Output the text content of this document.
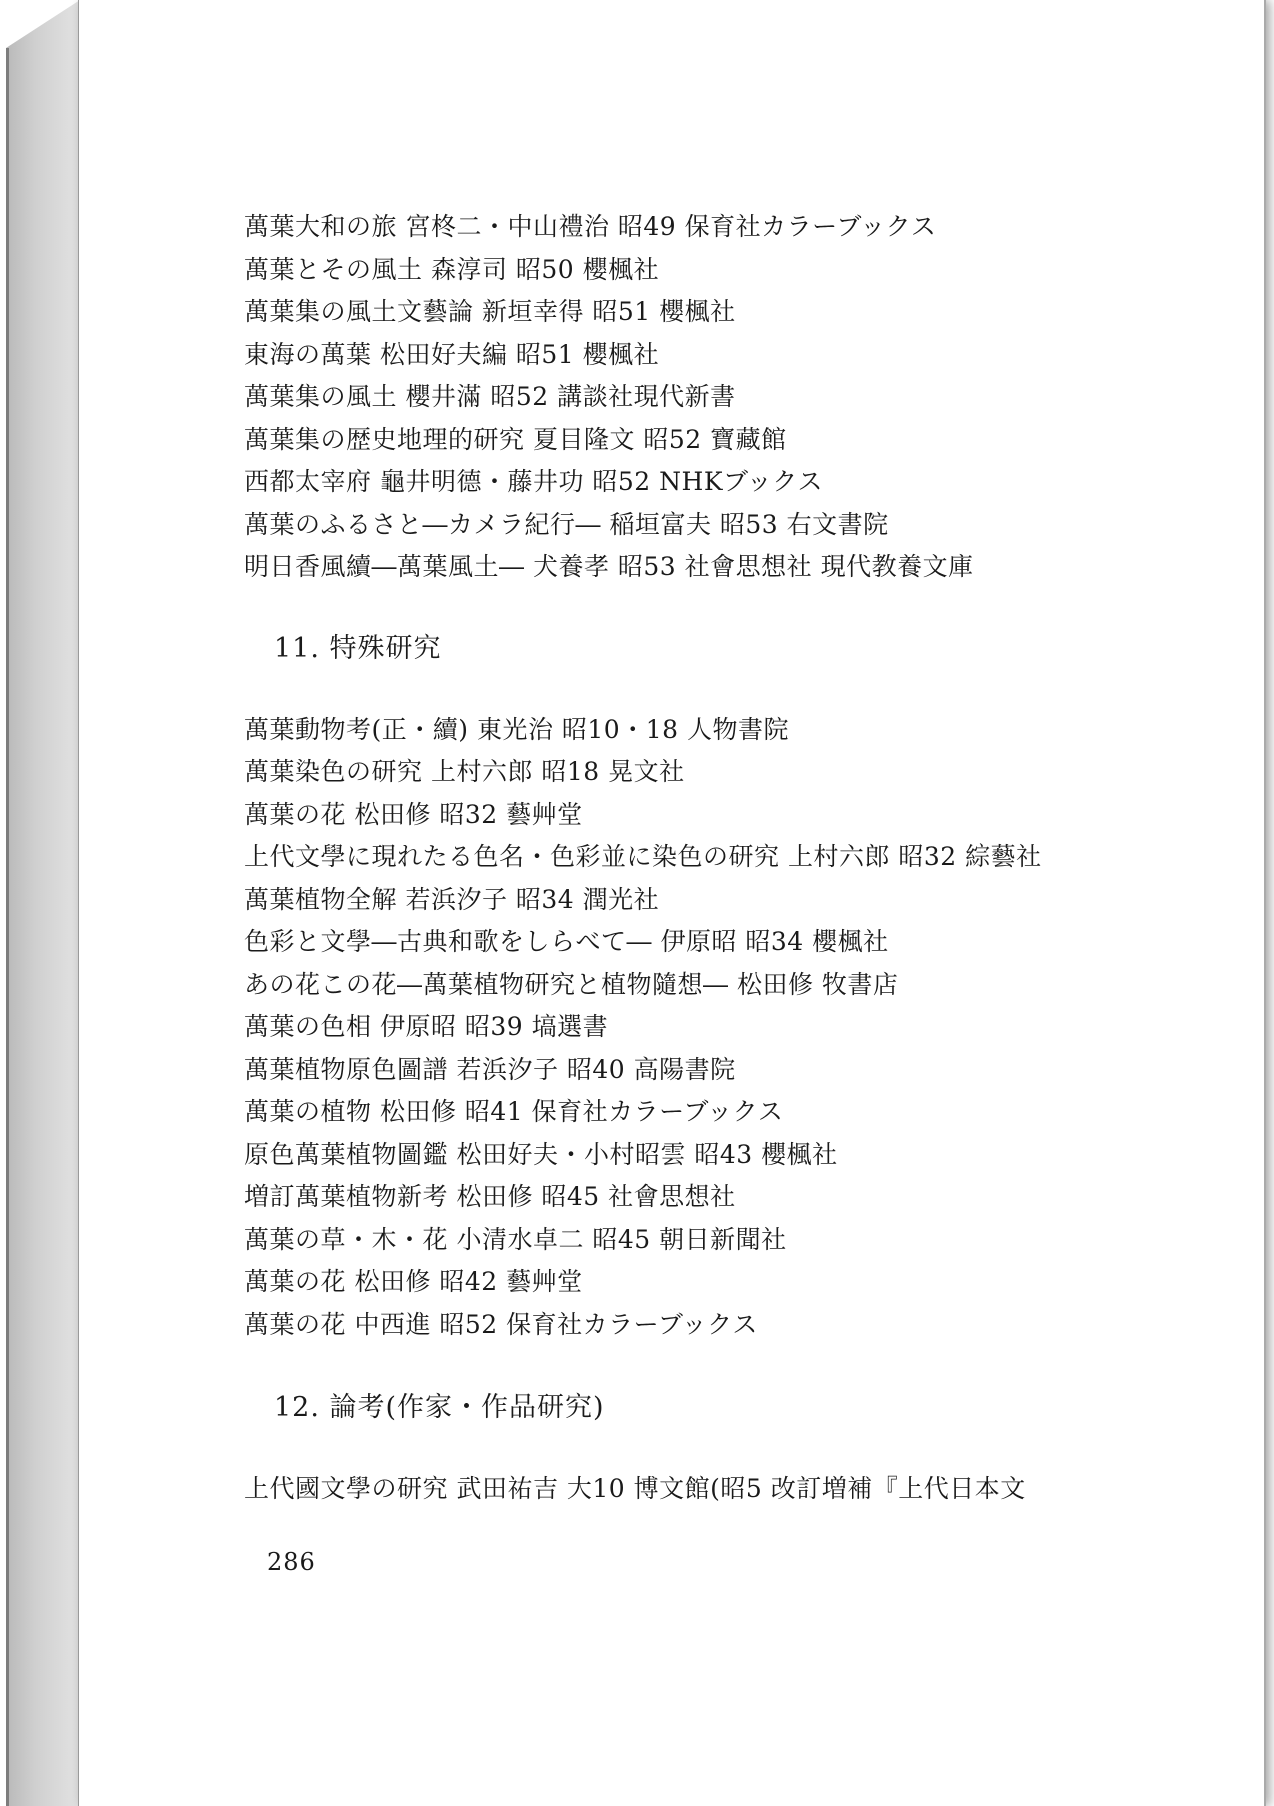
萬葉大和の旅 宮柊二・中山禮治 昭49 保育社カラーブックス
萬葉とその風土 森淳司 昭50 櫻楓社
萬葉集の風土文藝論 新垣幸得 昭51 櫻楓社
東海の萬葉 松田好夫編 昭51 櫻楓社
萬葉集の風土 櫻井滿 昭52 講談社現代新書
萬葉集の歴史地理的研究 夏目隆文 昭52 寶藏館
西都太宰府 龜井明德・藤井功 昭52 NHKブックス
萬葉のふるさと―カメラ紀行― 稲垣富夫 昭53 右文書院
明日香風續―萬葉風土― 犬養孝 昭53 社會思想社 現代教養文庫
11. 特殊研究
萬葉動物考(正・續) 東光治 昭10・18 人物書院
萬葉染色の研究 上村六郎 昭18 晃文社
萬葉の花 松田修 昭32 藝艸堂
上代文學に現れたる色名・色彩並に染色の研究 上村六郎 昭32 綜藝社
萬葉植物全解 若浜汐子 昭34 潤光社
色彩と文學―古典和歌をしらべて― 伊原昭 昭34 櫻楓社
あの花この花―萬葉植物研究と植物隨想― 松田修 牧書店
萬葉の色相 伊原昭 昭39 塙選書
萬葉植物原色圖譜 若浜汐子 昭40 高陽書院
萬葉の植物 松田修 昭41 保育社カラーブックス
原色萬葉植物圖鑑 松田好夫・小村昭雲 昭43 櫻楓社
増訂萬葉植物新考 松田修 昭45 社會思想社
萬葉の草・木・花 小清水卓二 昭45 朝日新聞社
萬葉の花 松田修 昭42 藝艸堂
萬葉の花 中西進 昭52 保育社カラーブックス
12. 論考(作家・作品研究)
上代國文學の研究 武田祐吉 大10 博文館(昭5 改訂増補『上代日本文
286
